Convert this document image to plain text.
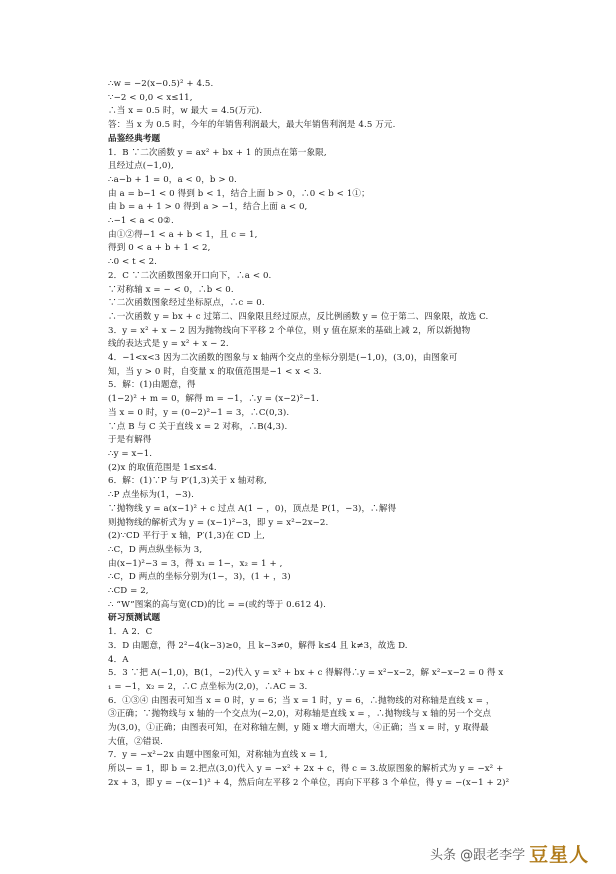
∴w = −2(x−0.5)² + 4.5.
∵−2 < 0,0 < x≤11,
∴当 x = 0.5 时，w 最大 = 4.5(万元).
答：当 x 为 0.5 时，今年的年销售利润最大，最大年销售利润是 4.5 万元.
品鉴经典考题
1．B ∵二次函数 y = ax² + bx + 1 的顶点在第一象限,
且经过点(−1,0),
∴a−b + 1 = 0，a < 0，b > 0.
由 a = b−1 < 0 得到 b < 1，结合上面 b > 0，∴0 < b < 1①；
由 b = a + 1 > 0 得到 a > −1，结合上面 a < 0,
∴−1 < a < 0②.
由①②得−1 < a + b < 1，且 c = 1,
得到 0 < a + b + 1 < 2,
∴0 < t < 2.
2．C ∵二次函数图象开口向下，∴a < 0.
∵对称轴 x = − < 0，∴b < 0.
∵二次函数图象经过坐标原点，∴c = 0.
∴一次函数 y = bx + c 过第二、四象限且经过原点，反比例函数 y = 位于第二、四象限，故选 C.
3．y = x² + x − 2 因为抛物线向下平移 2 个单位，则 y 值在原来的基础上减 2，所以新抛物
线的表达式是 y = x² + x − 2.
4．−1<x<3 因为二次函数的图象与 x 轴两个交点的坐标分别是(−1,0)，(3,0)，由图象可
知，当 y > 0 时，自变量 x 的取值范围是−1 < x < 3.
5．解：(1)由题意，得
(1−2)² + m = 0，解得 m = −1，∴y = (x−2)²−1.
当 x = 0 时，y = (0−2)²−1 = 3，∴C(0,3).
∵点 B 与 C 关于直线 x = 2 对称，∴B(4,3).
于是有解得
∴y = x−1.
(2)x 的取值范围是 1≤x≤4.
6．解：(1)∵P 与 P′(1,3)关于 x 轴对称,
∴P 点坐标为(1，−3).
∵抛物线 y = a(x−1)² + c 过点 A(1 − ，0)，顶点是 P(1，−3)，∴解得
则抛物线的解析式为 y = (x−1)²−3，即 y = x²−2x−2.
(2)∵CD 平行于 x 轴，P′(1,3)在 CD 上,
∴C，D 两点纵坐标为 3,
由(x−1)²−3 = 3，得 x₁ = 1−，x₂ = 1 + ,
∴C，D 两点的坐标分别为(1−，3)，(1 + ，3)
∴CD = 2,
∴ “W”图案的高与宽(CD)的比 = =(或约等于 0.612 4).
研习预测试题
1．A 2．C
3．D 由题意，得 2²−4(k−3)≥0，且 k−3≠0，解得 k≤4 且 k≠3，故选 D.
4．A
5．3 ∵把 A(−1,0)，B(1，−2)代入 y = x² + bx + c 得解得∴y = x²−x−2，解 x²−x−2 = 0 得 x
₁ = −1，x₂ = 2，∴C 点坐标为(2,0)，∴AC = 3.
6．①③④ 由图表可知当 x = 0 时，y = 6；当 x = 1 时，y = 6，∴抛物线的对称轴是直线 x = ，
③正确；∵抛物线与 x 轴的一个交点为(−2,0)，对称轴是直线 x = ，∴抛物线与 x 轴的另一个交点
为(3,0)，①正确；由图表可知，在对称轴左侧，y 随 x 增大而增大，④正确；当 x = 时，y 取得最
大值，②错误.
7．y = −x²−2x 由题中图象可知，对称轴为直线 x = 1,
所以− = 1，即 b = 2.把点(3,0)代入 y = −x² + 2x + c，得 c = 3.故原图象的解析式为 y = −x² +
2x + 3，即 y = −(x−1)² + 4，然后向左平移 2 个单位，再向下平移 3 个单位，得 y = −(x−1 + 2)²
头条 @跟老李学 豆星人
